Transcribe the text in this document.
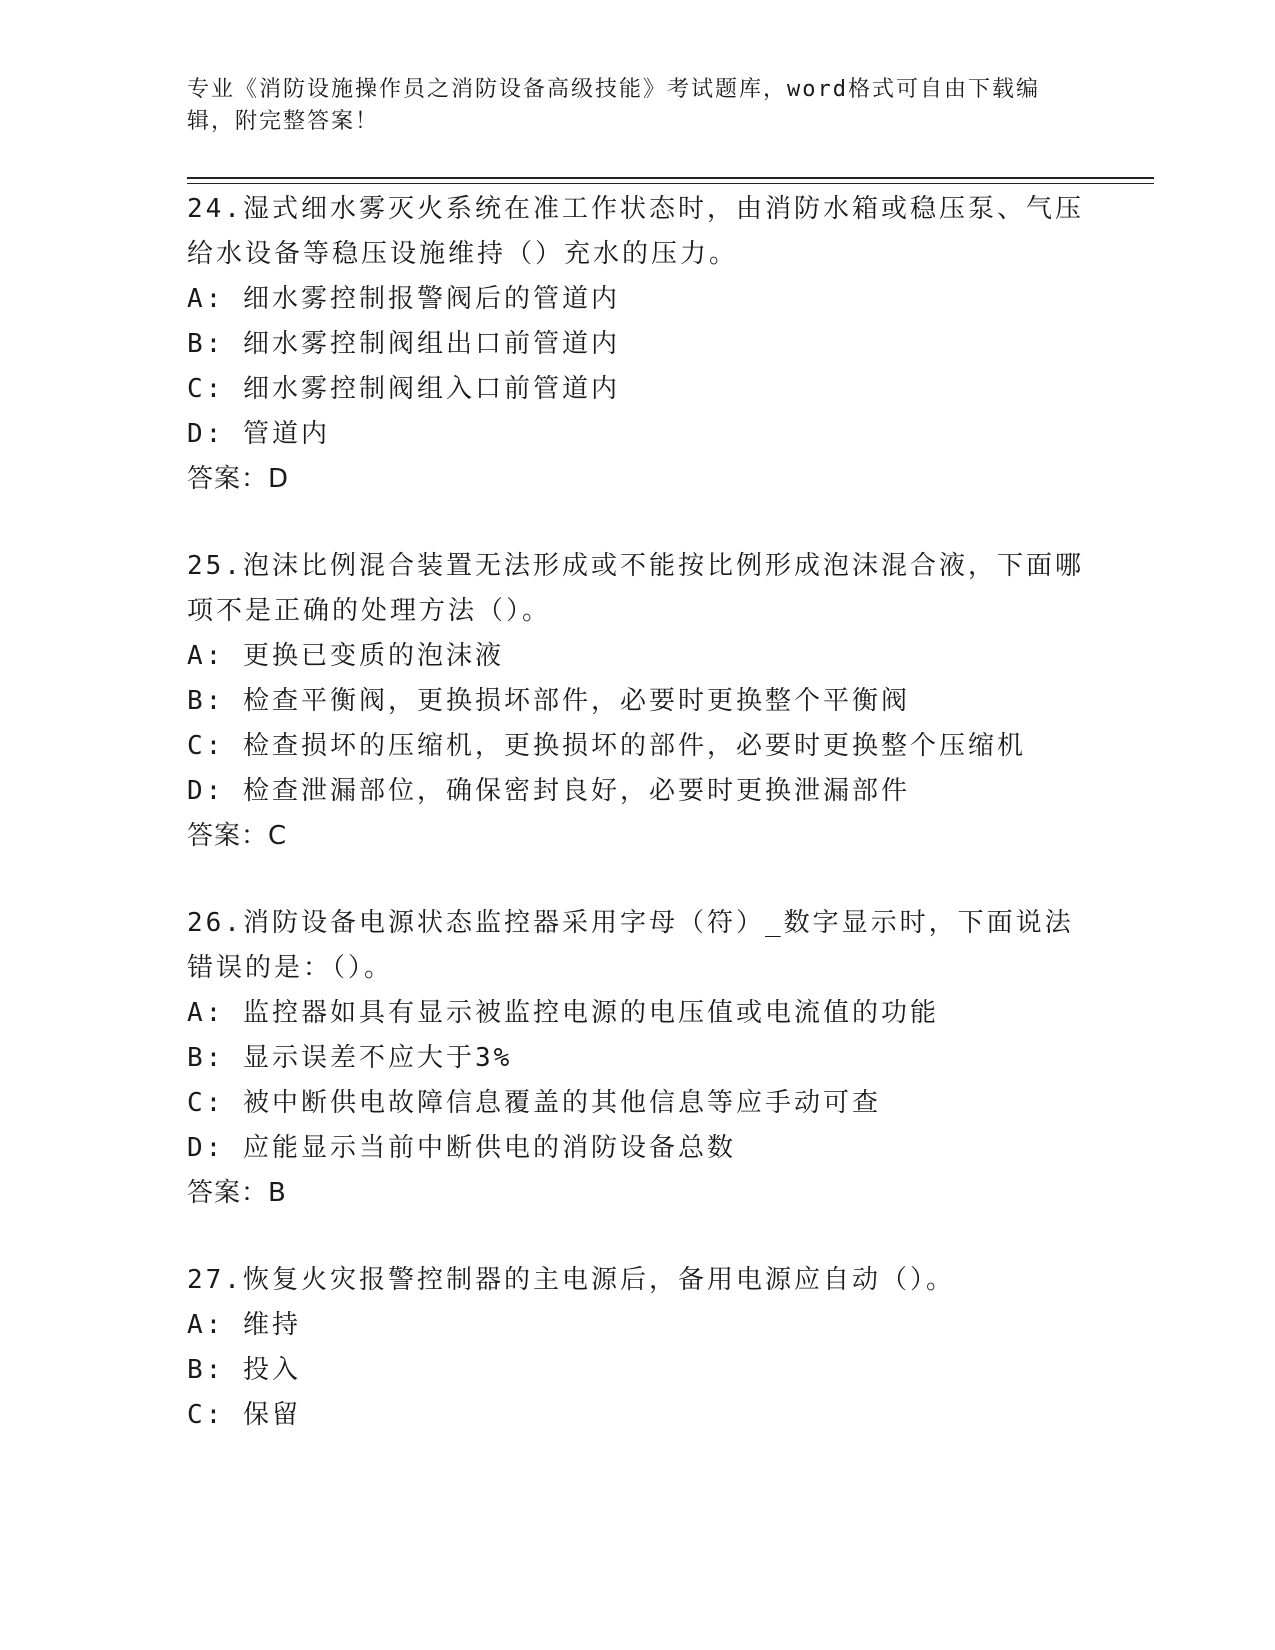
专业《消防设施操作员之消防设备高级技能》考试题库，word格式可自由下载编辑，附完整答案！
24.湿式细水雾灭火系统在准工作状态时，由消防水箱或稳压泵、气压给水设备等稳压设施维持（）充水的压力。
A: 细水雾控制报警阀后的管道内
B: 细水雾控制阀组出口前管道内
C: 细水雾控制阀组入口前管道内
D: 管道内
答案：D
25.泡沫比例混合装置无法形成或不能按比例形成泡沫混合液，下面哪项不是正确的处理方法（）。
A: 更换已变质的泡沫液
B: 检查平衡阀，更换损坏部件，必要时更换整个平衡阀
C: 检查损坏的压缩机，更换损坏的部件，必要时更换整个压缩机
D: 检查泄漏部位，确保密封良好，必要时更换泄漏部件
答案：C
26.消防设备电源状态监控器采用字母（符）_数字显示时，下面说法错误的是：（）。
A: 监控器如具有显示被监控电源的电压值或电流值的功能
B: 显示误差不应大于3%
C: 被中断供电故障信息覆盖的其他信息等应手动可查
D: 应能显示当前中断供电的消防设备总数
答案：B
27.恢复火灾报警控制器的主电源后，备用电源应自动（）。
A: 维持
B: 投入
C: 保留
